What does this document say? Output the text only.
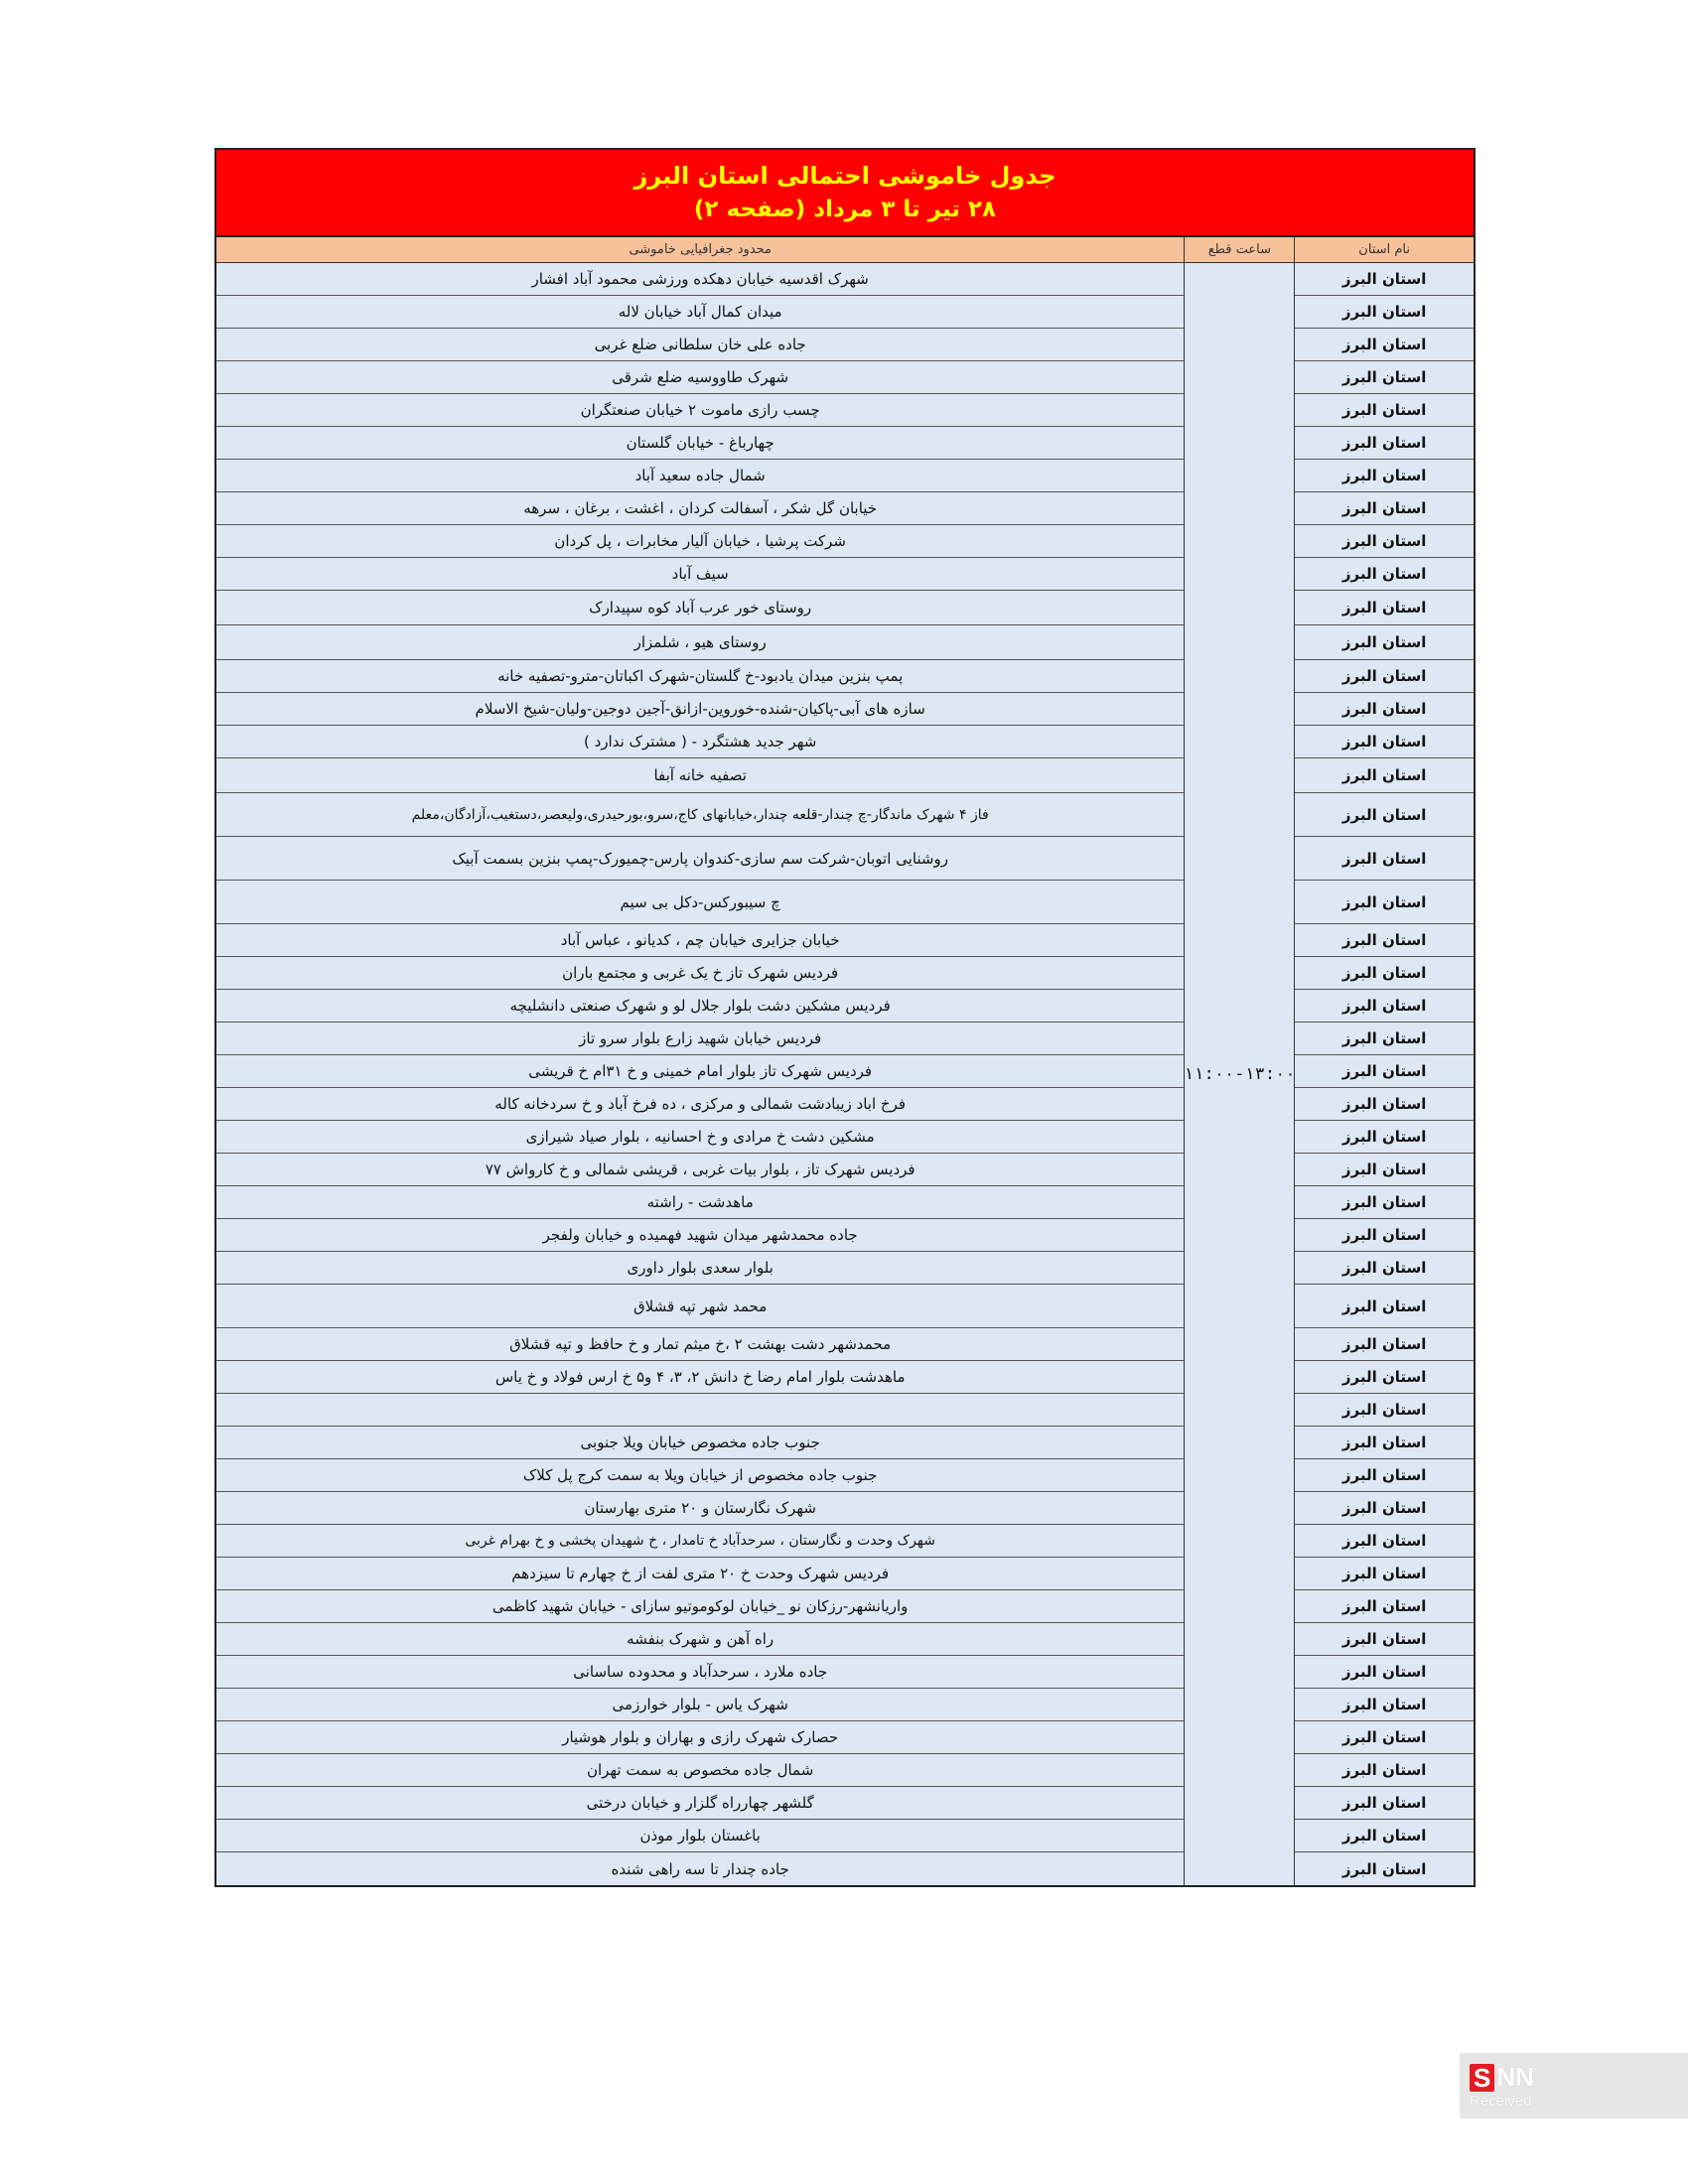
جدول خاموشی احتمالی استان البرز
۲۸ تیر تا ۳ مرداد (صفحه ۲)
محدود جغرافیایی خاموشی	ساعت قطع	نام استان
شهرک اقدسیه خیابان دهکده ورزشی محمود آباد افشار
میدان کمال آباد خیابان لاله
جاده علی خان سلطانی ضلع غربی
شهرک طاووسیه ضلع شرقی
چسب رازی ماموت ۲ خیابان صنعتگران
چهارباغ - خیابان گلستان
شمال جاده سعید آباد
خیابان گل شکر ، آسفالت کردان ، اغشت ، برغان ، سرهه
شرکت پرشیا ، خیابان آلیار مخابرات ، پل کردان
سیف آباد
روستای خور عرب آباد کوه سپیدارک
روستای هیو ، شلمزار
پمپ بنزین میدان یادبود-خ گلستان-شهرک اکباتان-مترو-تصفیه خانه
سازه های آبی-پاکیان-شنده-خوروین-ازانق-آجین دوجین-ولیان-شیخ الاسلام
شهر جدید هشتگرد - ( مشترک ندارد )
تصفیه خانه آبفا
فاز ۴ شهرک ماندگار-چ چندار-قلعه چندار،خیابانهای کاج،سرو،بورحیدری،ولیعصر،دستغیب،آزادگان،معلم
روشنایی اتوبان-شرکت سم سازی-کندوان پارس-چمیورک-پمپ بنزین بسمت آبیک
چ سیبورکس-دکل بی سیم
خیابان جزایری خیابان چم ، کدیانو ، عباس آباد
فردیس شهرک تاز خ یک غربی و مجتمع باران
فردیس مشکین دشت بلوار جلال لو و شهرک صنعتی دانشلیچه
فردیس خیابان شهید زارع بلوار سرو تاز
فردیس شهرک تاز بلوار امام خمینی و خ ۳۱ام خ قریشی
فرخ اباد زیبادشت شمالی و مرکزی ، ده فرخ آباد و خ سردخانه کاله
مشکین دشت خ مرادی و خ احسانیه ، بلوار صیاد شیرازی
فردیس شهرک تاز ، بلوار بیات غربی ، قریشی شمالی و خ کارواش ۷۷
ماهدشت - راشته
جاده محمدشهر میدان شهید فهمیده و خیابان ولفجر
بلوار سعدی بلوار داوری
محمد شهر تپه قشلاق
محمدشهر دشت بهشت ۲ ،خ میثم تمار و خ حافظ و تپه قشلاق
ماهدشت بلوار امام رضا خ دانش ۲، ۳، ۴ و۵ خ ارس فولاد و خ یاس
جنوب جاده مخصوص خیابان ویلا جنوبی
جنوب جاده مخصوص از خیابان ویلا به سمت کرج پل کلاک
شهرک نگارستان و ۲۰ متری بهارستان
شهرک وحدت و نگارستان ، سرحدآباد خ تامدار ، خ شهیدان پخشی و خ بهرام غربی
فردیس شهرک وحدت خ ۲۰ متری لفت از خ چهارم تا سیزدهم
واریانشهر-رزکان نو _خیابان لوکوموتیو سازای - خیابان شهید کاظمی
راه آهن و شهرک بنفشه
جاده ملارد ، سرحدآباد و محدوده ساسانی
شهرک یاس - بلوار خوارزمی
حصارک شهرک رازی و بهاران و بلوار هوشیار
شمال جاده مخصوص به سمت تهران
گلشهر چهارراه گلزار و خیابان درختی
باغستان بلوار موذن
جاده چندار تا سه راهی شنده
۱۱:۰۰-۱۳:۰۰
استان البرز
استان البرز
استان البرز
استان البرز
استان البرز
استان البرز
استان البرز
استان البرز
استان البرز
استان البرز
استان البرز
استان البرز
استان البرز
استان البرز
استان البرز
استان البرز
استان البرز
استان البرز
استان البرز
استان البرز
استان البرز
استان البرز
استان البرز
استان البرز
استان البرز
استان البرز
استان البرز
استان البرز
استان البرز
استان البرز
استان البرز
استان البرز
استان البرز
استان البرز
استان البرز
استان البرز
استان البرز
استان البرز
استان البرز
استان البرز
استان البرز
استان البرز
استان البرز
استان البرز
استان البرز
استان البرز
استان البرز
استان البرز
S NN
Received
